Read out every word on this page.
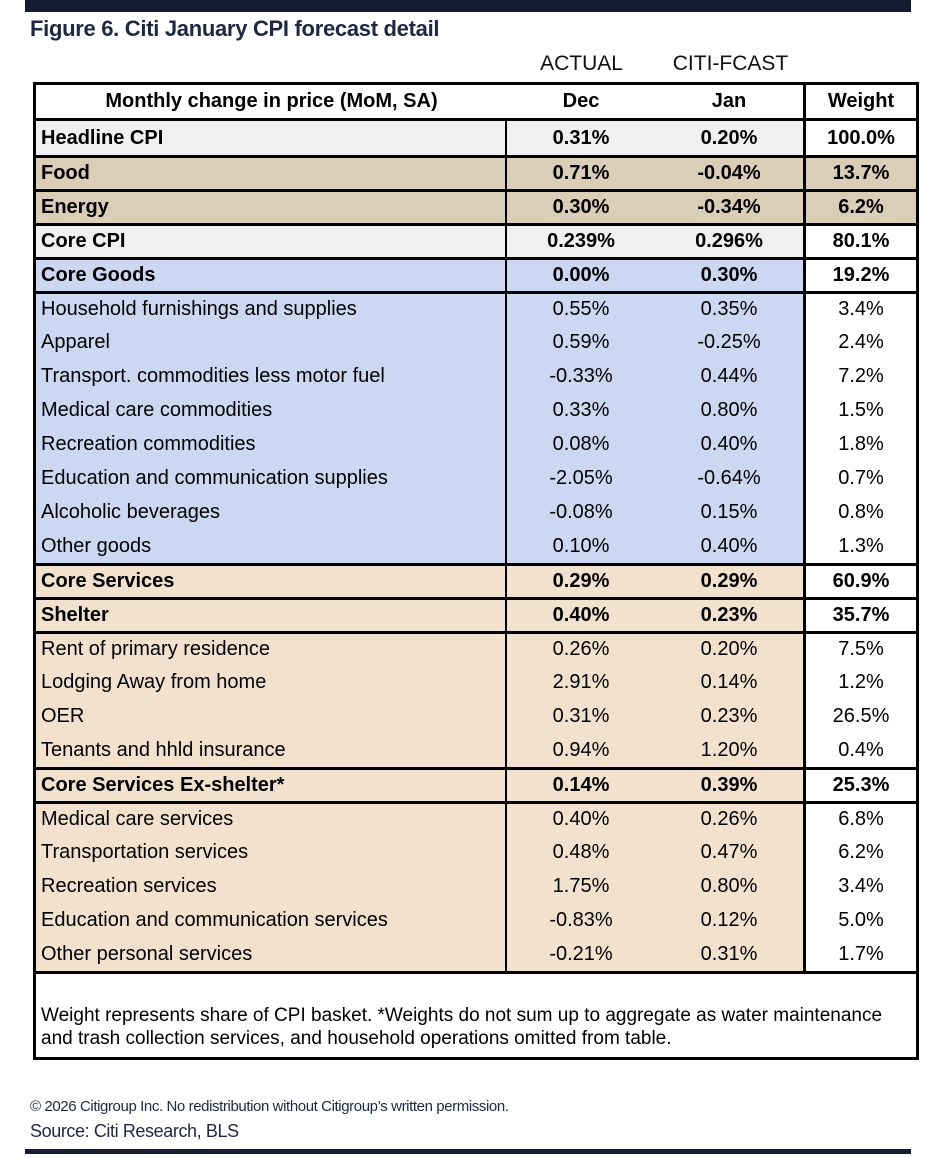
Figure 6. Citi January CPI forecast detail
ACTUAL	CITI-FCAST
Monthly change in price (MoM, SA)	Dec	Jan	Weight
Headline CPI	0.31%	0.20%	100.0%
Food	0.71%	-0.04%	13.7%
Energy	0.30%	-0.34%	6.2%
Core CPI	0.239%	0.296%	80.1%
Core Goods	0.00%	0.30%	19.2%
Household furnishings and supplies	0.55%	0.35%	3.4%
Apparel	0.59%	-0.25%	2.4%
Transport. commodities less motor fuel	-0.33%	0.44%	7.2%
Medical care commodities	0.33%	0.80%	1.5%
Recreation commodities	0.08%	0.40%	1.8%
Education and communication supplies	-2.05%	-0.64%	0.7%
Alcoholic beverages	-0.08%	0.15%	0.8%
Other goods	0.10%	0.40%	1.3%
Core Services	0.29%	0.29%	60.9%
Shelter	0.40%	0.23%	35.7%
Rent of primary residence	0.26%	0.20%	7.5%
Lodging Away from home	2.91%	0.14%	1.2%
OER	0.31%	0.23%	26.5%
Tenants and hhld insurance	0.94%	1.20%	0.4%
Core Services Ex-shelter*	0.14%	0.39%	25.3%
Medical care services	0.40%	0.26%	6.8%
Transportation services	0.48%	0.47%	6.2%
Recreation services	1.75%	0.80%	3.4%
Education and communication services	-0.83%	0.12%	5.0%
Other personal services	-0.21%	0.31%	1.7%
Weight represents share of CPI basket. *Weights do not sum up to aggregate as water maintenance and trash collection services, and household operations omitted from table.
© 2026 Citigroup Inc. No redistribution without Citigroup’s written permission.
Source: Citi Research, BLS
